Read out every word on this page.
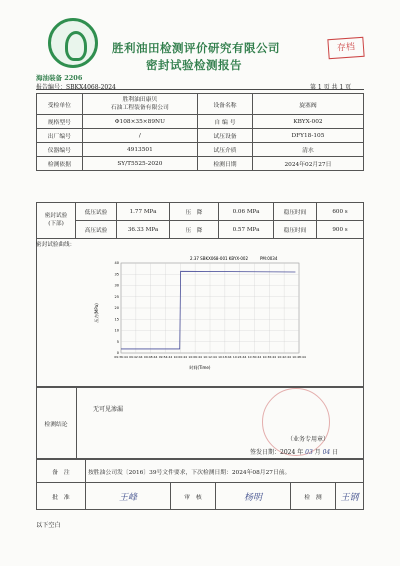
胜利油田检测评价研究有限公司
密封试验检测报告
存档
海油装备 2206
报告编号：SBKX4068-2024	第 1 页 共 1 页
受检单位	胜利油田康贝
石油工程装备有限公司	设备名称	旋塞阀
规格型号	Φ108×35×89NU	自 编 号	KBYX-002
出厂编号	/	试压设备	DFY18-105
仪器编号	4913501	试压介质	清水
检测依据	SY/T5525-2020	检测日期	2024年02月27日
密封试验
(下部)	低压试验	1.77 MPa	压　降	0.06 MPa	稳压时间	600 s
	高压试验	36.33 MPa	压　降	0.57 MPa	稳压时间	900 s
密封试验曲线：
2.37 SBKX068-001 KBYX-002	PM:0034
压力(MPa)
时间(Time)
0
5
10
15
20
25
30
35
40
09:36:44 09:42:44 09:48:44 09:54:44 10:00:44 10:06:44 10:12:44 10:18:44 10:24:44 10:30:44 10:36:44 10:42:44 10:48:44
检测结论
无可见渗漏
（业务专用章）
签发日期：2024 年 03 月 04 日
备　注	按胜油公司发〔2016〕39号文件要求，下次检测日期：2024年08月27日前。				
批　准	王峰	审　核	杨明	检　测	王钢
以下空白
